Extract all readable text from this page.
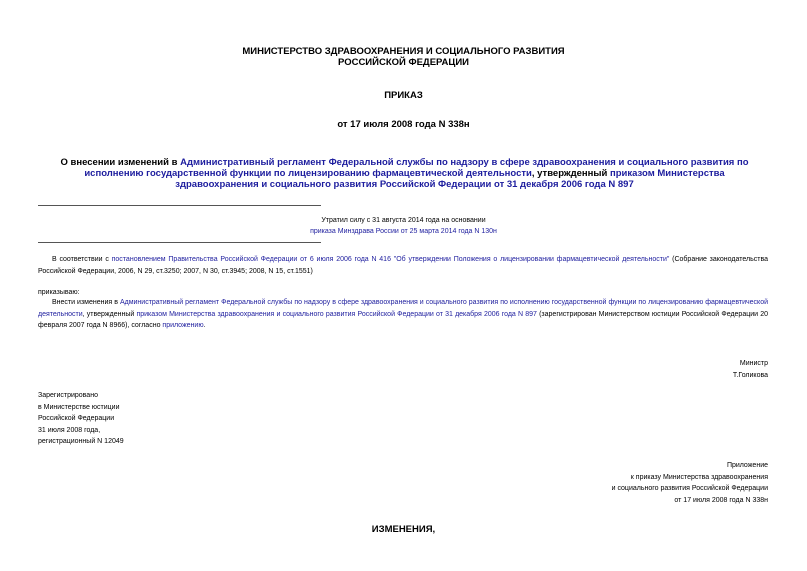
МИНИСТЕРСТВО ЗДРАВООХРАНЕНИЯ И СОЦИАЛЬНОГО РАЗВИТИЯ
РОССИЙСКОЙ ФЕДЕРАЦИИ
ПРИКАЗ
от 17 июля 2008 года N 338н
О внесении изменений в Административный регламент Федеральной службы по надзору в сфере здравоохранения и социального развития по исполнению государственной функции по лицензированию фармацевтической деятельности, утвержденный приказом Министерства здравоохранения и социального развития Российской Федерации от 31 декабря 2006 года N 897
Утратил силу с 31 августа 2014 года на основании
приказа Минздрава России от 25 марта 2014 года N 130н
В соответствии с постановлением Правительства Российской Федерации от 6 июля 2006 года N 416 "Об утверждении Положения о лицензировании фармацевтической деятельности" (Собрание законодательства Российской Федерации, 2006, N 29, ст.3250; 2007, N 30, ст.3945; 2008, N 15, ст.1551)
приказываю:
Внести изменения в Административный регламент Федеральной службы по надзору в сфере здравоохранения и социального развития по исполнению государственной функции по лицензированию фармацевтической деятельности, утвержденный приказом Министерства здравоохранения и социального развития Российской Федерации от 31 декабря 2006 года N 897 (зарегистрирован Министерством юстиции Российской Федерации 20 февраля 2007 года N 8966), согласно приложению.
Министр
Т.Голикова
Зарегистрировано
в Министерстве юстиции
Российской Федерации
31 июля 2008 года,
регистрационный N 12049
Приложение
к приказу Министерства здравоохранения
и социального развития Российской Федерации
от 17 июля 2008 года N 338н
ИЗМЕНЕНИЯ,
